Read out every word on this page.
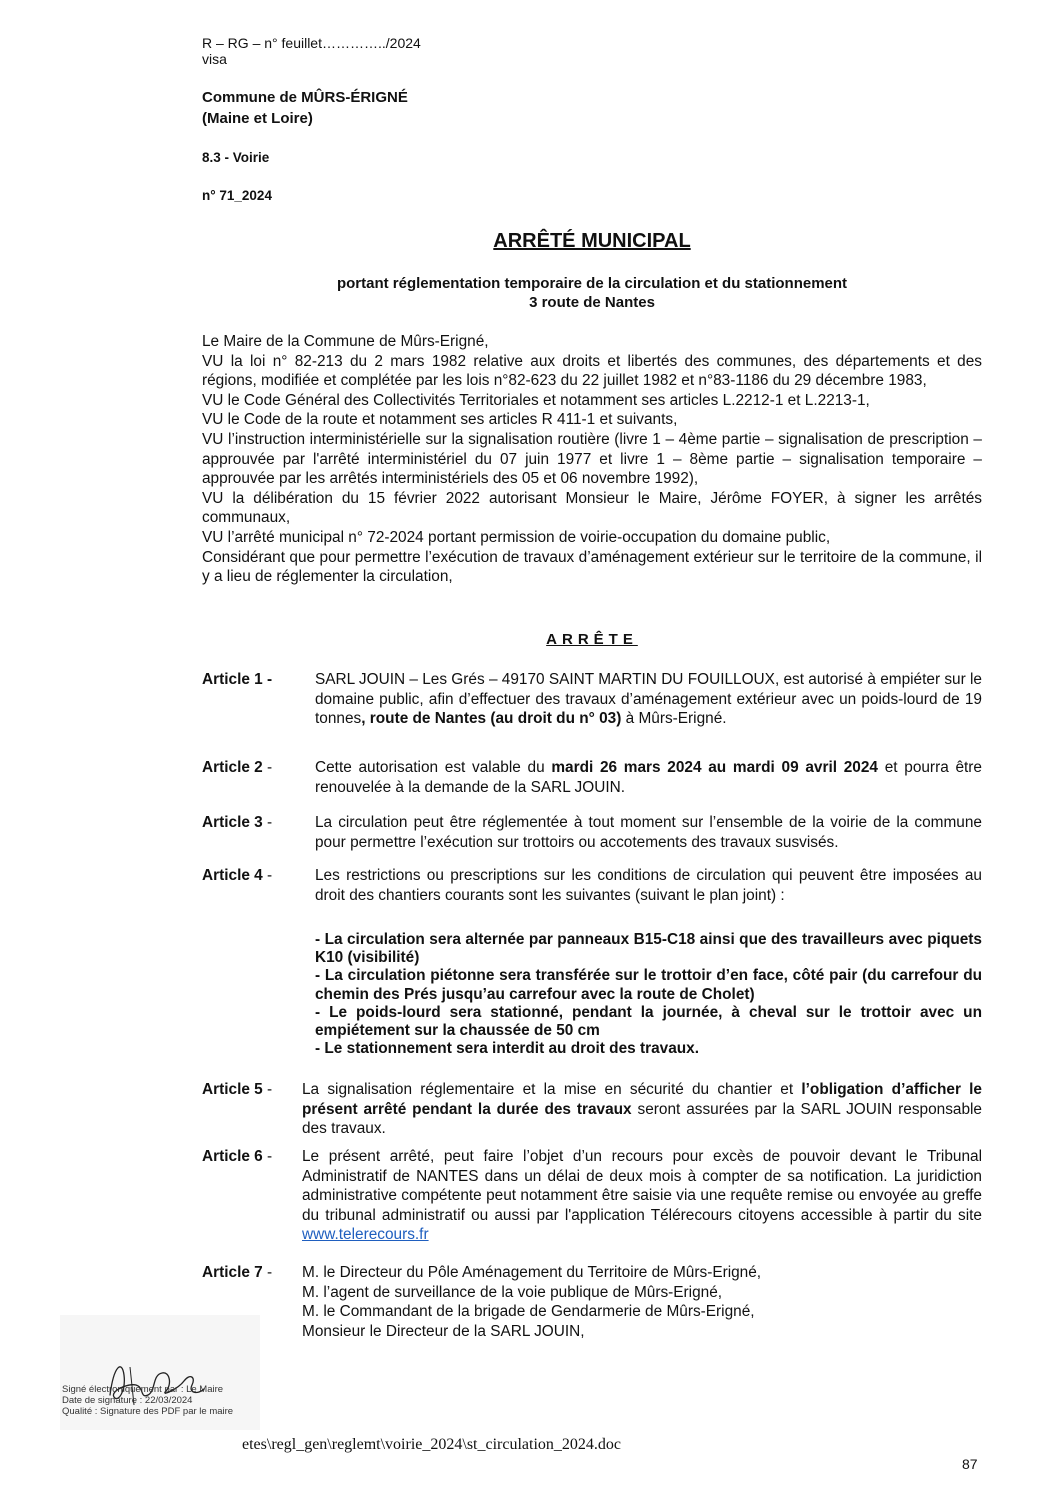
R – RG – n° feuillet…………../2024
visa
Commune de MÛRS-ÉRIGNÉ
(Maine et Loire)
8.3 - Voirie
n° 71_2024
ARRÊTÉ MUNICIPAL
portant réglementation temporaire de la circulation et du stationnement
3 route de Nantes
Le Maire de la Commune de Mûrs-Erigné,
VU la loi n° 82-213 du 2 mars 1982 relative aux droits et libertés des communes, des départements et des régions, modifiée et complétée par les lois n°82-623 du 22 juillet 1982 et n°83-1186 du 29 décembre 1983,
VU le Code Général des Collectivités Territoriales et notamment ses articles L.2212-1 et L.2213-1,
VU le Code de la route et notamment ses articles R 411-1 et suivants,
VU l’instruction interministérielle sur la signalisation routière (livre 1 – 4ème partie – signalisation de prescription – approuvée par l'arrêté interministériel du 07 juin 1977 et livre 1 – 8ème partie – signalisation temporaire – approuvée par les arrêtés interministériels des 05 et 06 novembre 1992),
VU la délibération du 15 février 2022 autorisant Monsieur le Maire, Jérôme FOYER, à signer les arrêtés communaux,
VU l’arrêté municipal n° 72-2024 portant permission de voirie-occupation du domaine public,
Considérant que pour permettre l’exécution de travaux d’aménagement extérieur sur le territoire de la commune, il y a lieu de réglementer la circulation,
ARRÊTE
Article 1 -	SARL JOUIN – Les Grés – 49170 SAINT MARTIN DU FOUILLOUX, est autorisé à empiéter sur le domaine public, afin d’effectuer des travaux d’aménagement extérieur avec un poids-lourd de 19 tonnes, route de Nantes (au droit du n° 03) à Mûrs-Erigné.
Article 2 -	Cette autorisation est valable du mardi 26 mars 2024 au mardi 09 avril 2024 et pourra être renouvelée à la demande de la SARL JOUIN.
Article 3 -	La circulation peut être réglementée à tout moment sur l’ensemble de la voirie de la commune pour permettre l’exécution sur trottoirs ou accotements des travaux susvisés.
Article 4 -	Les restrictions ou prescriptions sur les conditions de circulation qui peuvent être imposées au droit des chantiers courants sont les suivantes (suivant le plan joint) :
- La circulation sera alternée par panneaux B15-C18 ainsi que des travailleurs avec piquets K10 (visibilité)
- La circulation piétonne sera transférée sur le trottoir d’en face, côté pair (du carrefour du chemin des Prés jusqu’au carrefour avec la route de Cholet)
- Le poids-lourd sera stationné, pendant la journée, à cheval sur le trottoir avec un empiétement sur la chaussée de 50 cm
- Le stationnement sera interdit au droit des travaux.
Article 5 - La signalisation réglementaire et la mise en sécurité du chantier et l’obligation d’afficher le présent arrêté pendant la durée des travaux seront assurées par la SARL JOUIN responsable des travaux.
Article 6 - Le présent arrêté, peut faire l’objet d’un recours pour excès de pouvoir devant le Tribunal Administratif de NANTES dans un délai de deux mois à compter de sa notification. La juridiction administrative compétente peut notamment être saisie via une requête remise ou envoyée au greffe du tribunal administratif ou aussi par l'application Télérecours citoyens accessible à partir du site www.telerecours.fr
Article 7 - M. le Directeur du Pôle Aménagement du Territoire de Mûrs-Erigné,
M. l’agent de surveillance de la voie publique de Mûrs-Erigné,
M. le Commandant de la brigade de Gendarmerie de Mûrs-Erigné,
Monsieur le Directeur de la SARL JOUIN,
Signé électroniquement par : Le Maire
Date de signature : 22/03/2024
Qualité : Signature des PDF par le maire
etes\regl_gen\reglemt\voirie_2024\st_circulation_2024.doc
87
